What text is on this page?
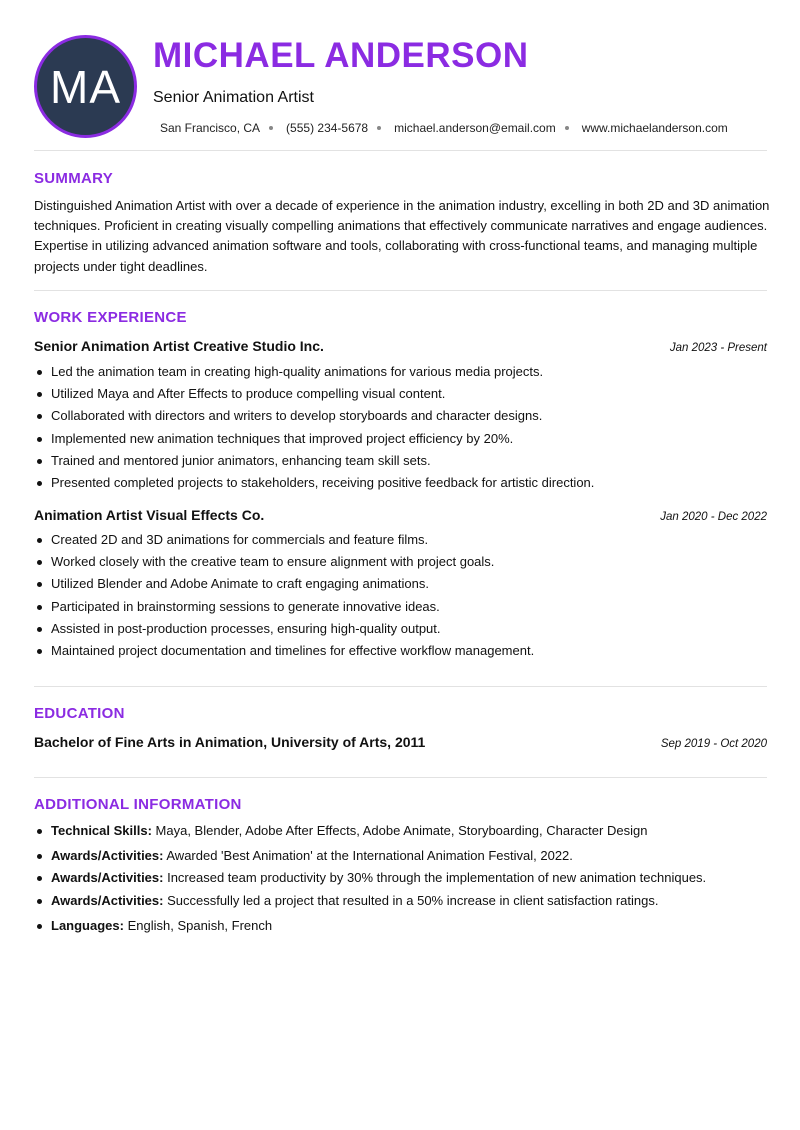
MA
MICHAEL ANDERSON
Senior Animation Artist
San Francisco, CA (555) 234-5678 michael.anderson@email.com www.michaelanderson.com
SUMMARY

Distinguished Animation Artist with over a decade of experience in the animation industry, excelling in both 2D and 3D animation techniques. Proficient in creating visually compelling animations that effectively communicate narratives and engage audiences. Expertise in utilizing advanced animation software and tools, collaborating with cross-functional teams, and managing multiple projects under tight deadlines.

WORK EXPERIENCE
Senior Animation Artist Creative Studio Inc.	Jan 2023 - Present
Led the animation team in creating high-quality animations for various media projects.
Utilized Maya and After Effects to produce compelling visual content.
Collaborated with directors and writers to develop storyboards and character designs.
Implemented new animation techniques that improved project efficiency by 20%.
Trained and mentored junior animators, enhancing team skill sets.
Presented completed projects to stakeholders, receiving positive feedback for artistic direction.
Animation Artist Visual Effects Co.	Jan 2020 - Dec 2022
Created 2D and 3D animations for commercials and feature films.
Worked closely with the creative team to ensure alignment with project goals.
Utilized Blender and Adobe Animate to craft engaging animations.
Participated in brainstorming sessions to generate innovative ideas.
Assisted in post-production processes, ensuring high-quality output.
Maintained project documentation and timelines for effective workflow management.
EDUCATION
Bachelor of Fine Arts in Animation, University of Arts, 2011	Sep 2019 - Oct 2020
ADDITIONAL INFORMATION
Technical Skills: Maya, Blender, Adobe After Effects, Adobe Animate, Storyboarding, Character Design
Awards/Activities: Awarded 'Best Animation' at the International Animation Festival, 2022.
Awards/Activities: Increased team productivity by 30% through the implementation of new animation techniques.
Awards/Activities: Successfully led a project that resulted in a 50% increase in client satisfaction ratings.
Languages: English, Spanish, French
